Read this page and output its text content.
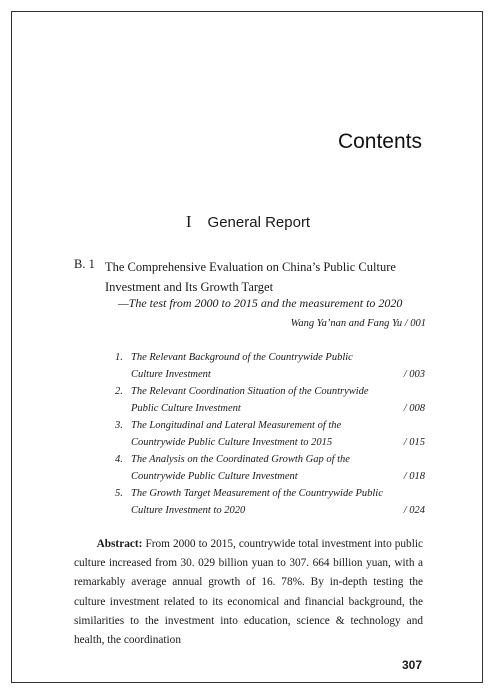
Contents
I General Report
B. 1 The Comprehensive Evaluation on China’s Public Culture
Investment and Its Growth Target
—The test from 2000 to 2015 and the measurement to 2020
Wang Ya’nan and Fang Yu / 001
1. The Relevant Background of the Countrywide Public
Culture Investment	/ 003
2. The Relevant Coordination Situation of the Countrywide
Public Culture Investment	/ 008
3. The Longitudinal and Lateral Measurement of the
Countrywide Public Culture Investment to 2015	/ 015
4. The Analysis on the Coordinated Growth Gap of the
Countrywide Public Culture Investment	/ 018
5. The Growth Target Measurement of the Countrywide Public
Culture Investment to 2020	/ 024
Abstract: From 2000 to 2015, countrywide total investment into public culture increased from 30. 029 billion yuan to 307. 664 billion yuan, with a remarkably average annual growth of 16. 78%. By in-depth testing the culture investment related to its economical and financial background, the similarities to the investment into education, science & technology and health, the coordination
307
